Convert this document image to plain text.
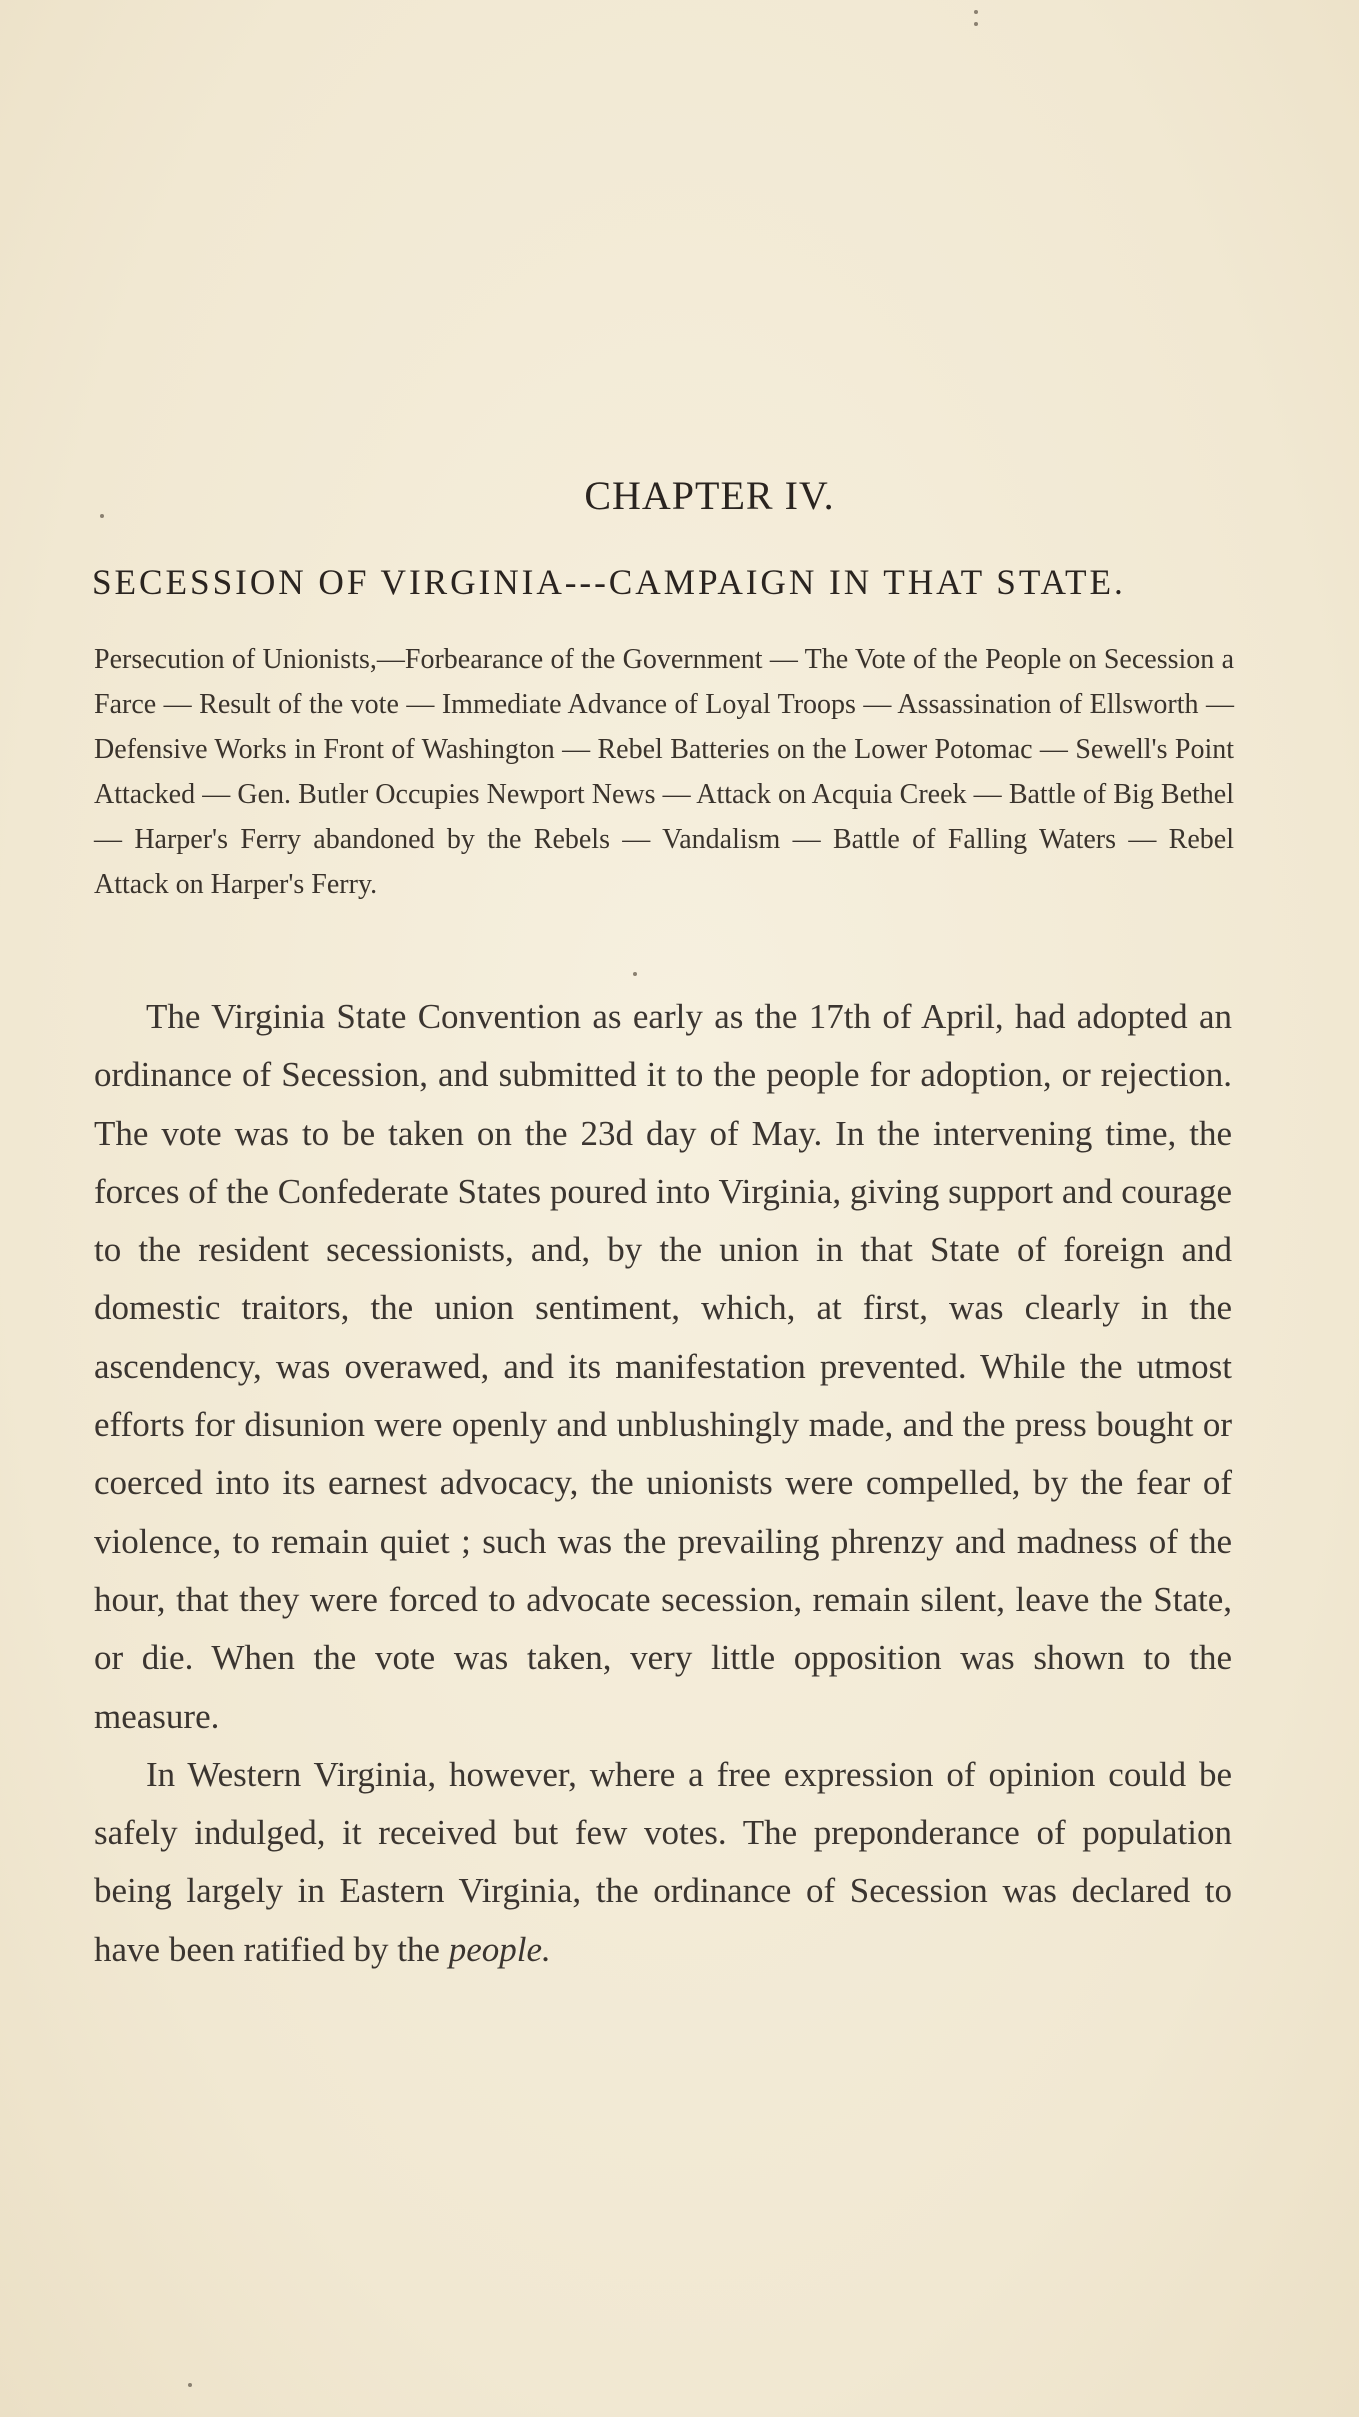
CHAPTER IV.
SECESSION OF VIRGINIA---CAMPAIGN IN THAT STATE.
Persecution of Unionists,—Forbearance of the Government — The Vote of the People on Secession a Farce — Result of the vote — Immediate Advance of Loyal Troops — Assassination of Ellsworth — Defensive Works in Front of Washington — Rebel Batteries on the Lower Potomac — Sewell's Point Attacked — Gen. Butler Occupies Newport News — Attack on Acquia Creek — Battle of Big Bethel — Harper's Ferry abandoned by the Rebels — Vandalism — Battle of Falling Waters — Rebel Attack on Harper's Ferry.

The Virginia State Convention as early as the 17th of April, had adopted an ordinance of Secession, and submitted it to the people for adoption, or rejection. The vote was to be taken on the 23d day of May. In the intervening time, the forces of the Confederate States poured into Virginia, giving support and courage to the resident secessionists, and, by the union in that State of foreign and domestic traitors, the union sentiment, which, at first, was clearly in the ascendency, was overawed, and its manifestation prevented. While the utmost efforts for disunion were openly and unblushingly made, and the press bought or coerced into its earnest advocacy, the unionists were compelled, by the fear of violence, to remain quiet ; such was the prevailing phrenzy and madness of the hour, that they were forced to advocate secession, remain silent, leave the State, or die. When the vote was taken, very little opposition was shown to the measure.

In Western Virginia, however, where a free expression of opinion could be safely indulged, it received but few votes. The preponderance of population being largely in Eastern Virginia, the ordinance of Secession was declared to have been ratified by the people.
